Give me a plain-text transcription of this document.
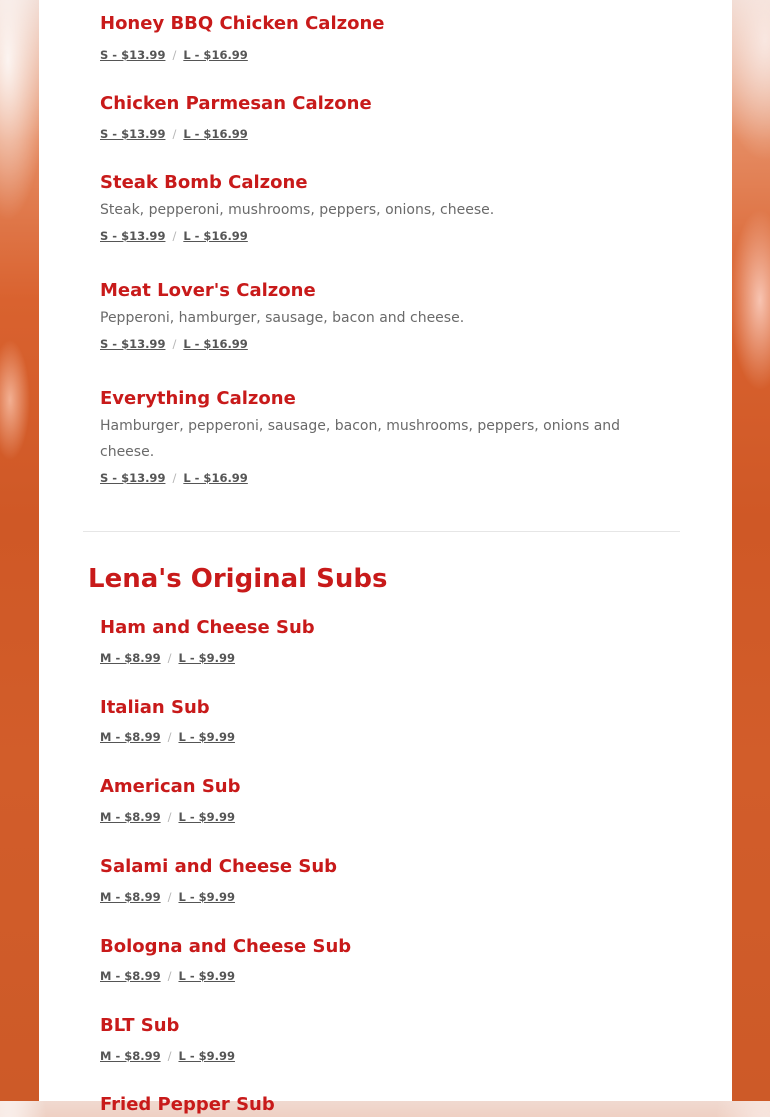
Honey BBQ Chicken Calzone
S - $13.99 / L - $16.99
Chicken Parmesan Calzone
S - $13.99 / L - $16.99
Steak Bomb Calzone
Steak, pepperoni, mushrooms, peppers, onions, cheese.
S - $13.99 / L - $16.99
Meat Lover's Calzone
Pepperoni, hamburger, sausage, bacon and cheese.
S - $13.99 / L - $16.99
Everything Calzone
Hamburger, pepperoni, sausage, bacon, mushrooms, peppers, onions and cheese.
S - $13.99 / L - $16.99
Lena's Original Subs
Ham and Cheese Sub
M - $8.99 / L - $9.99
Italian Sub
M - $8.99 / L - $9.99
American Sub
M - $8.99 / L - $9.99
Salami and Cheese Sub
M - $8.99 / L - $9.99
Bologna and Cheese Sub
M - $8.99 / L - $9.99
BLT Sub
M - $8.99 / L - $9.99
Fried Pepper Sub
